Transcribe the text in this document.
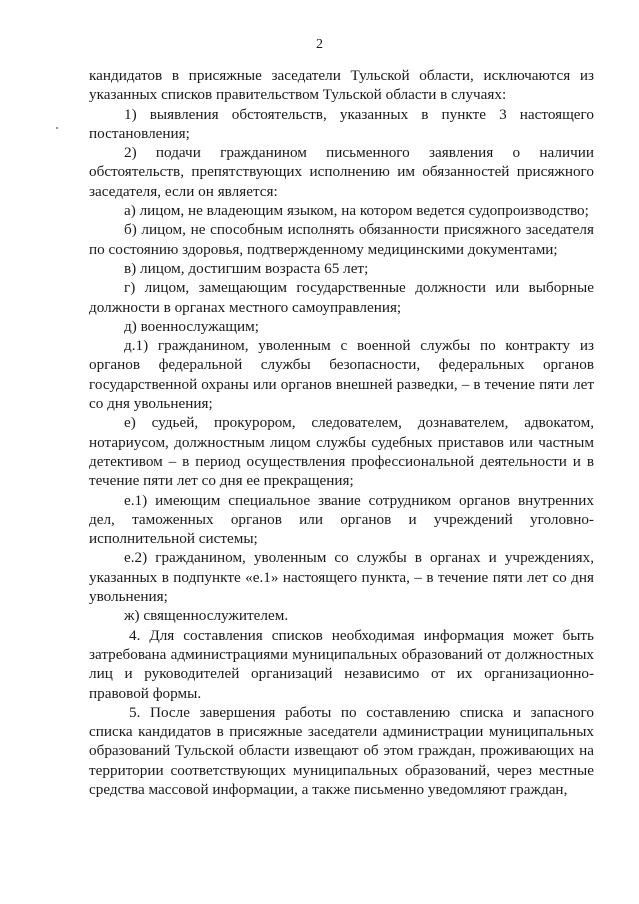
2

кандидатов в присяжные заседатели Тульской области, исключаются из указанных списков правительством Тульской области в случаях:

1) выявления обстоятельств, указанных в пункте 3 настоящего постановления;

2) подачи гражданином письменного заявления о наличии обстоятельств, препятствующих исполнению им обязанностей присяжного заседателя, если он является:

а) лицом, не владеющим языком, на котором ведется судопроизводство;

б) лицом, не способным исполнять обязанности присяжного заседателя по состоянию здоровья, подтвержденному медицинскими документами;

в) лицом, достигшим возраста 65 лет;

г) лицом, замещающим государственные должности или выборные должности в органах местного самоуправления;

д) военнослужащим;

д.1) гражданином, уволенным с военной службы по контракту из органов федеральной службы безопасности, федеральных органов государственной охраны или органов внешней разведки, – в течение пяти лет со дня увольнения;

е) судьей, прокурором, следователем, дознавателем, адвокатом, нотариусом, должностным лицом службы судебных приставов или частным детективом – в период осуществления профессиональной деятельности и в течение пяти лет со дня ее прекращения;

е.1) имеющим специальное звание сотрудником органов внутренних дел, таможенных органов или органов и учреждений уголовно-исполнительной системы;

е.2) гражданином, уволенным со службы в органах и учреждениях, указанных в подпункте «е.1» настоящего пункта, – в течение пяти лет со дня увольнения;

ж) священнослужителем.

4. Для составления списков необходимая информация может быть затребована администрациями муниципальных образований от должностных лиц и руководителей организаций независимо от их организационно-правовой формы.

5. После завершения работы по составлению списка и запасного списка кандидатов в присяжные заседатели администрации муниципальных образований Тульской области извещают об этом граждан, проживающих на территории соответствующих муниципальных образований, через местные средства массовой информации, а также письменно уведомляют граждан,
